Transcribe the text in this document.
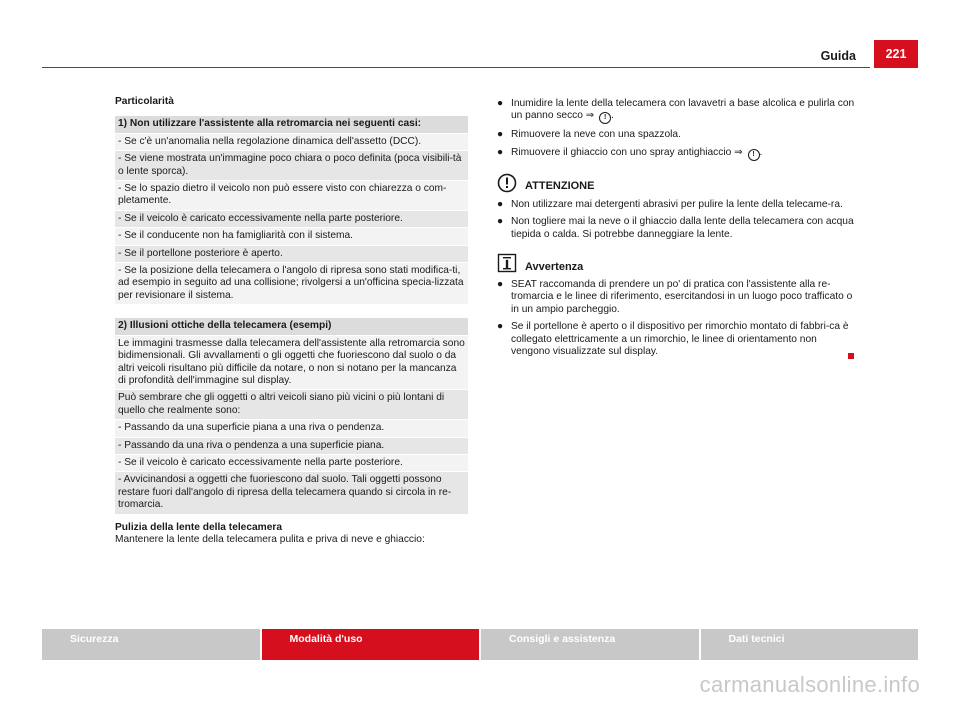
Guida	221
Particolarità
1) Non utilizzare l'assistente alla retromarcia nei seguenti casi:
- Se c'è un'anomalia nella regolazione dinamica dell'assetto (DCC).
- Se viene mostrata un'immagine poco chiara o poco definita (poca visibili-tà o lente sporca).
- Se lo spazio dietro il veicolo non può essere visto con chiarezza o com-pletamente.
- Se il veicolo è caricato eccessivamente nella parte posteriore.
- Se il conducente non ha famigliarità con il sistema.
- Se il portellone posteriore è aperto.
- Se la posizione della telecamera o l'angolo di ripresa sono stati modifica-ti, ad esempio in seguito ad una collisione; rivolgersi a un'officina specia-lizzata per revisionare il sistema.
2) Illusioni ottiche della telecamera (esempi)
Le immagini trasmesse dalla telecamera dell'assistente alla retromarcia sono bidimensionali. Gli avvallamenti o gli oggetti che fuoriescono dal suolo o da altri veicoli risultano più difficile da notare, o non si notano per la mancanza di profondità dell'immagine sul display.
Può sembrare che gli oggetti o altri veicoli siano più vicini o più lontani di quello che realmente sono:
- Passando da una superficie piana a una riva o pendenza.
- Passando da una riva o pendenza a una superficie piana.
- Se il veicolo è caricato eccessivamente nella parte posteriore.
- Avvicinandosi a oggetti che fuoriescono dal suolo. Tali oggetti possono restare fuori dall'angolo di ripresa della telecamera quando si circola in re-tromarcia.
Pulizia della lente della telecamera
Mantenere la lente della telecamera pulita e priva di neve e ghiaccio:
● Inumidire la lente della telecamera con lavavetri a base alcolica e pulirla con un panno secco ⇒ ! .
● Rimuovere la neve con una spazzola.
● Rimuovere il ghiaccio con uno spray antighiaccio ⇒ ! .
ATTENZIONE
● Non utilizzare mai detergenti abrasivi per pulire la lente della telecame-ra.
● Non togliere mai la neve o il ghiaccio dalla lente della telecamera con acqua tiepida o calda. Si potrebbe danneggiare la lente.
Avvertenza
● SEAT raccomanda di prendere un po' di pratica con l'assistente alla re-tromarcia e le linee di riferimento, esercitandosi in un luogo poco trafficato o in un ampio parcheggio.
● Se il portellone è aperto o il dispositivo per rimorchio montato di fabbri-ca è collegato elettricamente a un rimorchio, le linee di orientamento non vengono visualizzate sul display.
Sicurezza	Modalità d'uso	Consigli e assistenza	Dati tecnici
carmanualsonline.info
